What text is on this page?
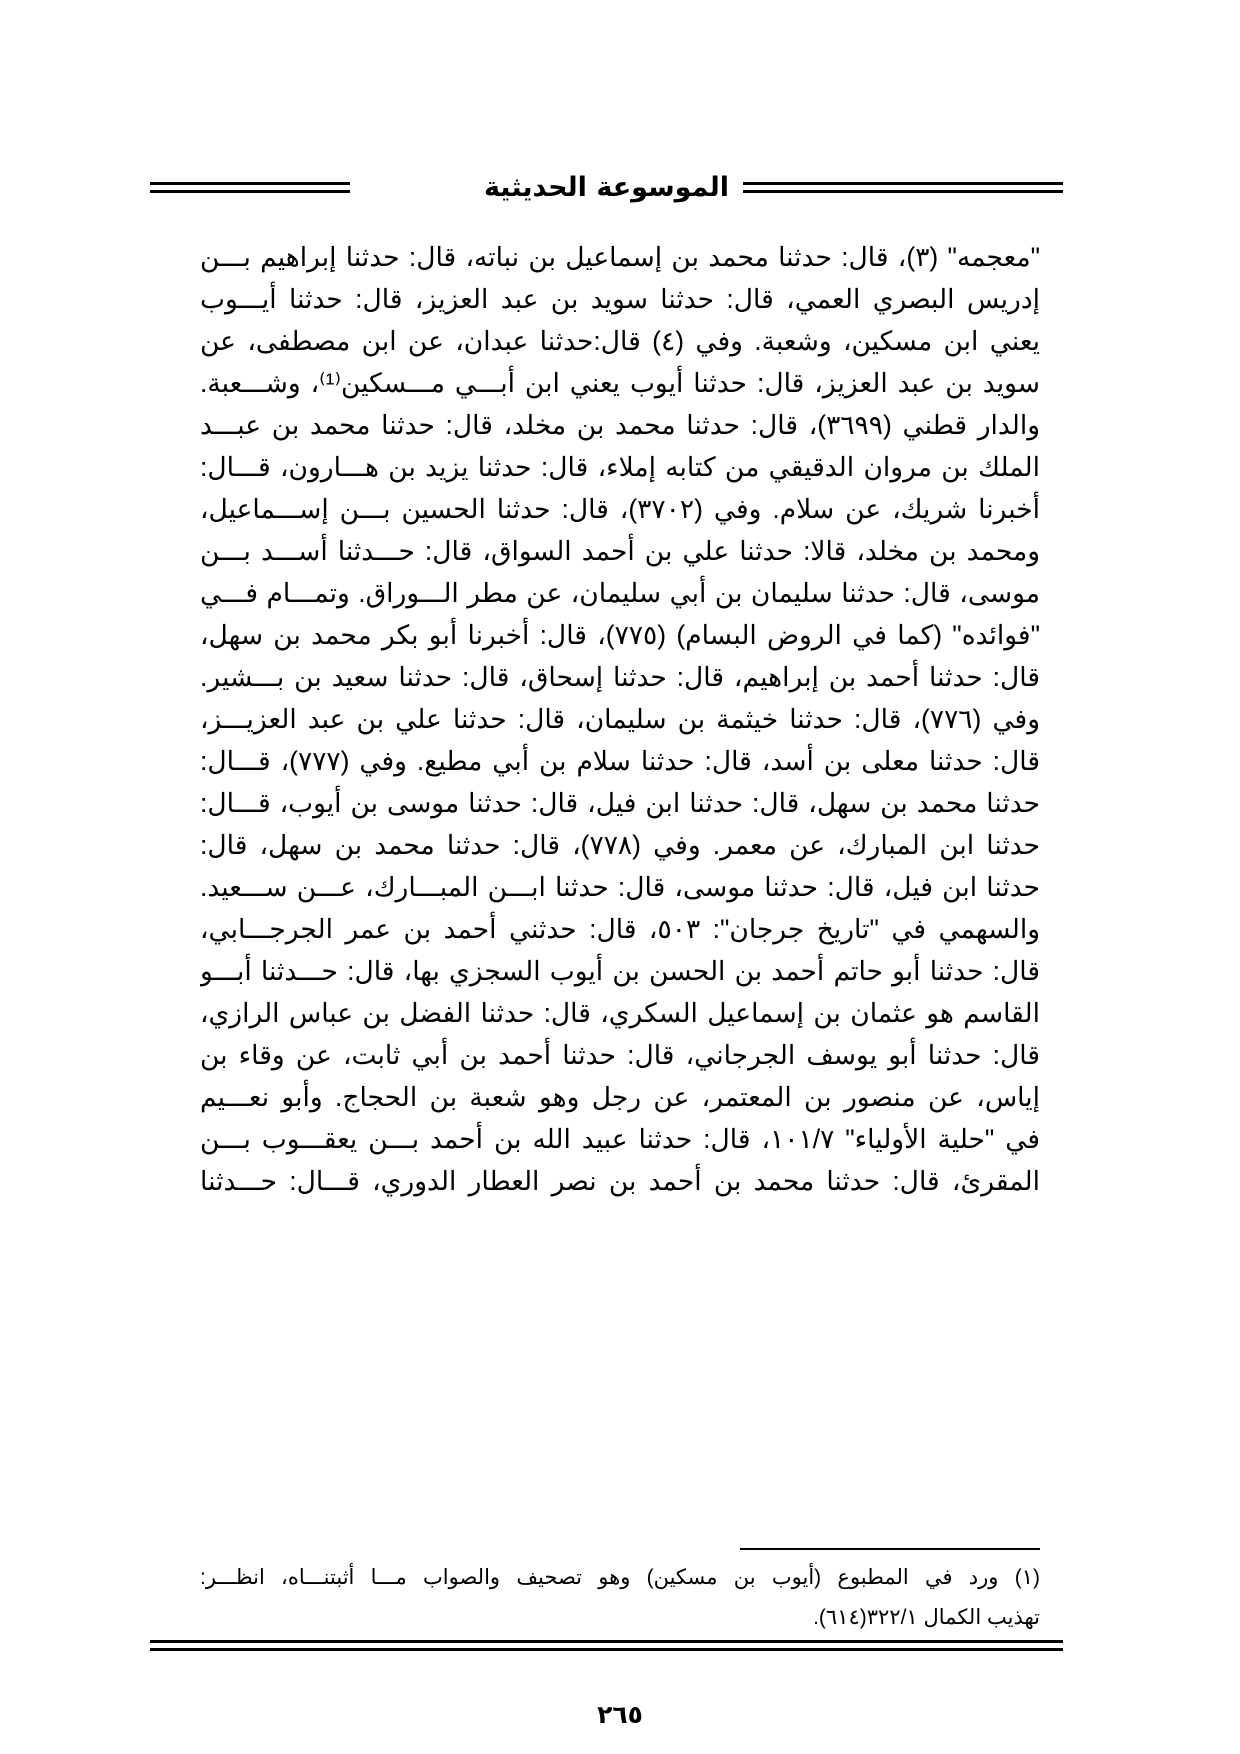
الموسوعة الحديثية
"معجمه" (٣)، قال: حدثنا محمد بن إسماعيل بن نباته، قال: حدثنا إبراهيم بـــن
إدريس البصري العمي، قال: حدثنا سويد بن عبد العزيز، قال: حدثنا أيـــوب
يعني ابن مسكين، وشعبة. وفي (٤) قال:حدثنا عبدان، عن ابن مصطفى، عن
سويد بن عبد العزيز، قال: حدثنا أيوب يعني ابن أبـــي مـــسكين⁽¹⁾، وشـــعبة.
والدار قطني (٣٦٩٩)، قال: حدثنا محمد بن مخلد، قال: حدثنا محمد بن عبـــد
الملك بن مروان الدقيقي من كتابه إملاء، قال: حدثنا يزيد بن هـــارون، قـــال:
أخبرنا شريك، عن سلام. وفي (٣٧٠٢)، قال: حدثنا الحسين بـــن إســـماعيل،
ومحمد بن مخلد، قالا: حدثنا علي بن أحمد السواق، قال: حـــدثنا أســـد بـــن
موسى، قال: حدثنا سليمان بن أبي سليمان، عن مطر الـــوراق. وتمـــام فـــي
"فوائده" (كما في الروض البسام) (٧٧٥)، قال: أخبرنا أبو بكر محمد بن سهل،
قال: حدثنا أحمد بن إبراهيم، قال: حدثنا إسحاق، قال: حدثنا سعيد بن بـــشير.
وفي (٧٧٦)، قال: حدثنا خيثمة بن سليمان، قال: حدثنا علي بن عبد العزيـــز،
قال: حدثنا معلى بن أسد، قال: حدثنا سلام بن أبي مطيع. وفي (٧٧٧)، قـــال:
حدثنا محمد بن سهل، قال: حدثنا ابن فيل، قال: حدثنا موسى بن أيوب، قـــال:
حدثنا ابن المبارك، عن معمر. وفي (٧٧٨)، قال: حدثنا محمد بن سهل، قال:
حدثنا ابن فيل، قال: حدثنا موسى، قال: حدثنا ابـــن المبـــارك، عـــن ســـعيد.
والسهمي في "تاريخ جرجان": ٥٠٣، قال: حدثني أحمد بن عمر الجرجـــابي،
قال: حدثنا أبو حاتم أحمد بن الحسن بن أيوب السجزي بها، قال: حـــدثنا أبـــو
القاسم هو عثمان بن إسماعيل السكري، قال: حدثنا الفضل بن عباس الرازي،
قال: حدثنا أبو يوسف الجرجاني، قال: حدثنا أحمد بن أبي ثابت، عن وقاء بن
إياس، عن منصور بن المعتمر، عن رجل وهو شعبة بن الحجاج. وأبو نعـــيم
في "حلية الأولياء" ١٠١/٧، قال: حدثنا عبيد الله بن أحمد بـــن يعقـــوب بـــن
المقرئ، قال: حدثنا محمد بن أحمد بن نصر العطار الدوري، قـــال: حـــدثنا
(١) ورد في المطبوع (أيوب بن مسكين) وهو تصحيف والصواب مـــا أثبتنـــاه، انظـــر:
تهذيب الكمال ٣٢٢/١(٦١٤).
٢٦٥
